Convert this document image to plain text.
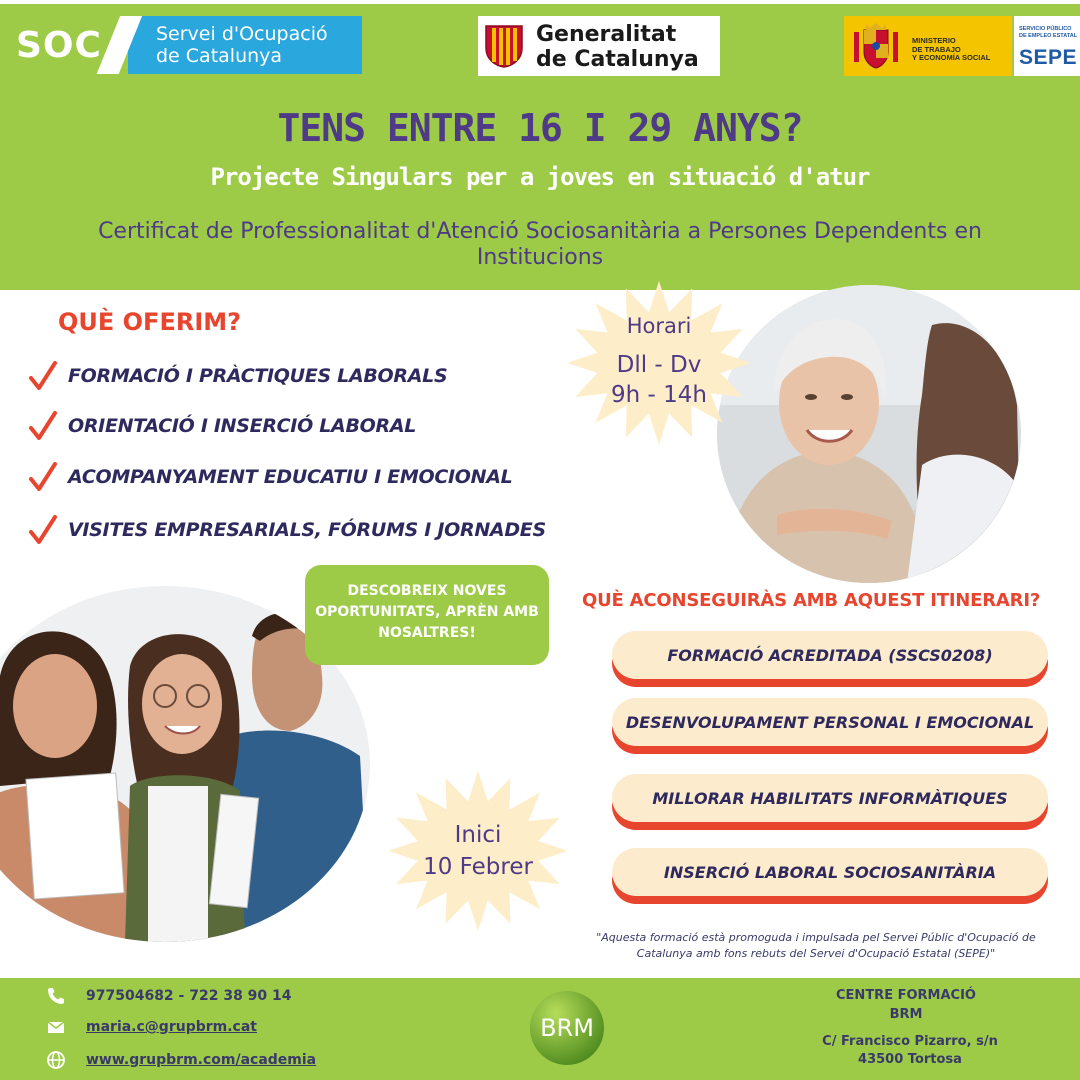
SOC	Servei d'Ocupació
de Catalunya
Generalitat
de Catalunya
MINISTERIO
DE TRABAJO
Y ECONOMÍA SOCIAL
SERVICIO PÚBLICO
DE EMPLEO ESTATAL
SEPE
TENS ENTRE 16 I 29 ANYS?
Projecte Singulars per a joves en situació d'atur

Certificat de Professionalitat d'Atenció Sociosanitària a Persones Dependents en Institucions

QUÈ OFERIM?
FORMACIÓ I PRÀCTIQUES LABORALS
ORIENTACIÓ I INSERCIÓ LABORAL
ACOMPANYAMENT EDUCATIU I EMOCIONAL
VISITES EMPRESARIALS, FÓRUMS I JORNADES
Horari
Dll - Dv
9h - 14h
DESCOBREIX NOVES OPORTUNITATS, APRÈN AMB NOSALTRES!
Inici
10 Febrer
QUÈ ACONSEGUIRÀS AMB AQUEST ITINERARI?
FORMACIÓ ACREDITADA (SSCS0208)
DESENVOLUPAMENT PERSONAL I EMOCIONAL
MILLORAR HABILITATS INFORMÀTIQUES
INSERCIÓ LABORAL SOCIOSANITÀRIA

"Aquesta formació està promoguda i impulsada pel Servei Públic d'Ocupació de Catalunya amb fons rebuts del Servei d'Ocupació Estatal (SEPE)"

977504682 - 722 38 90 14
maria.c@grupbrm.cat
www.grupbrm.com/academia
BRM
CENTRE FORMACIÓ
BRM
C/ Francisco Pizarro, s/n
43500 Tortosa
